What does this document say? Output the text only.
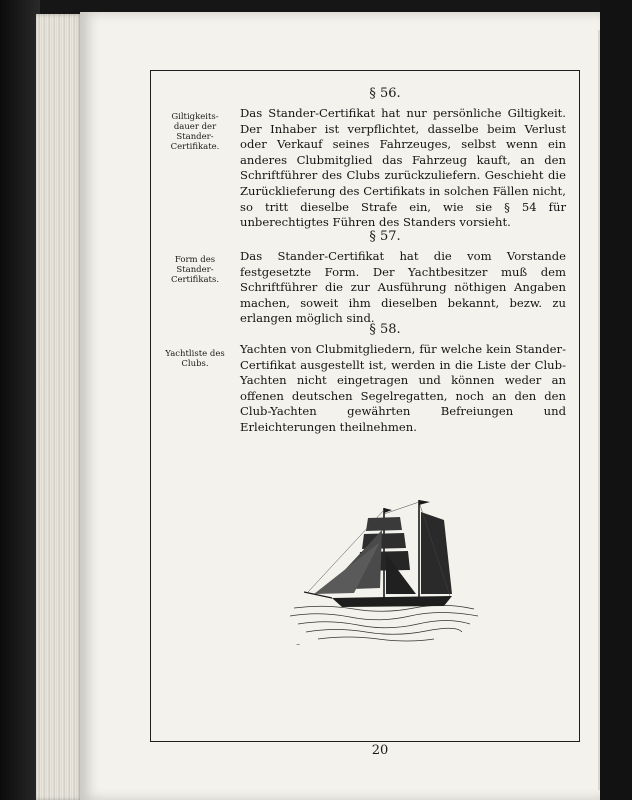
§ 56.
Giltigkeits-dauer der Stander-Certifikate.
Das Stander-Certifikat hat nur persönliche Giltigkeit. Der Inhaber ist verpflichtet, dasselbe beim Verlust oder Verkauf seines Fahrzeuges, selbst wenn ein anderes Clubmitglied das Fahrzeug kauft, an den Schriftführer des Clubs zurückzuliefern. Geschieht die Zurücklieferung des Certifikats in solchen Fällen nicht, so tritt dieselbe Strafe ein, wie sie § 54 für unberechtigtes Führen des Standers vorsieht.
§ 57.
Form des Stander-Certifikats.
Das Stander-Certifikat hat die vom Vorstande festgesetzte Form. Der Yachtbesitzer muß dem Schriftführer die zur Ausführung nöthigen Angaben machen, soweit ihm dieselben bekannt, bezw. zu erlangen möglich sind.
§ 58.
Yachtliste des Clubs.
Yachten von Clubmitgliedern, für welche kein Stander-Certifikat ausgestellt ist, werden in die Liste der Club-Yachten nicht eingetragen und können weder an offenen deutschen Segelregatten, noch an den den Club-Yachten gewährten Befreiungen und Erleichterungen theilnehmen.
~
20
